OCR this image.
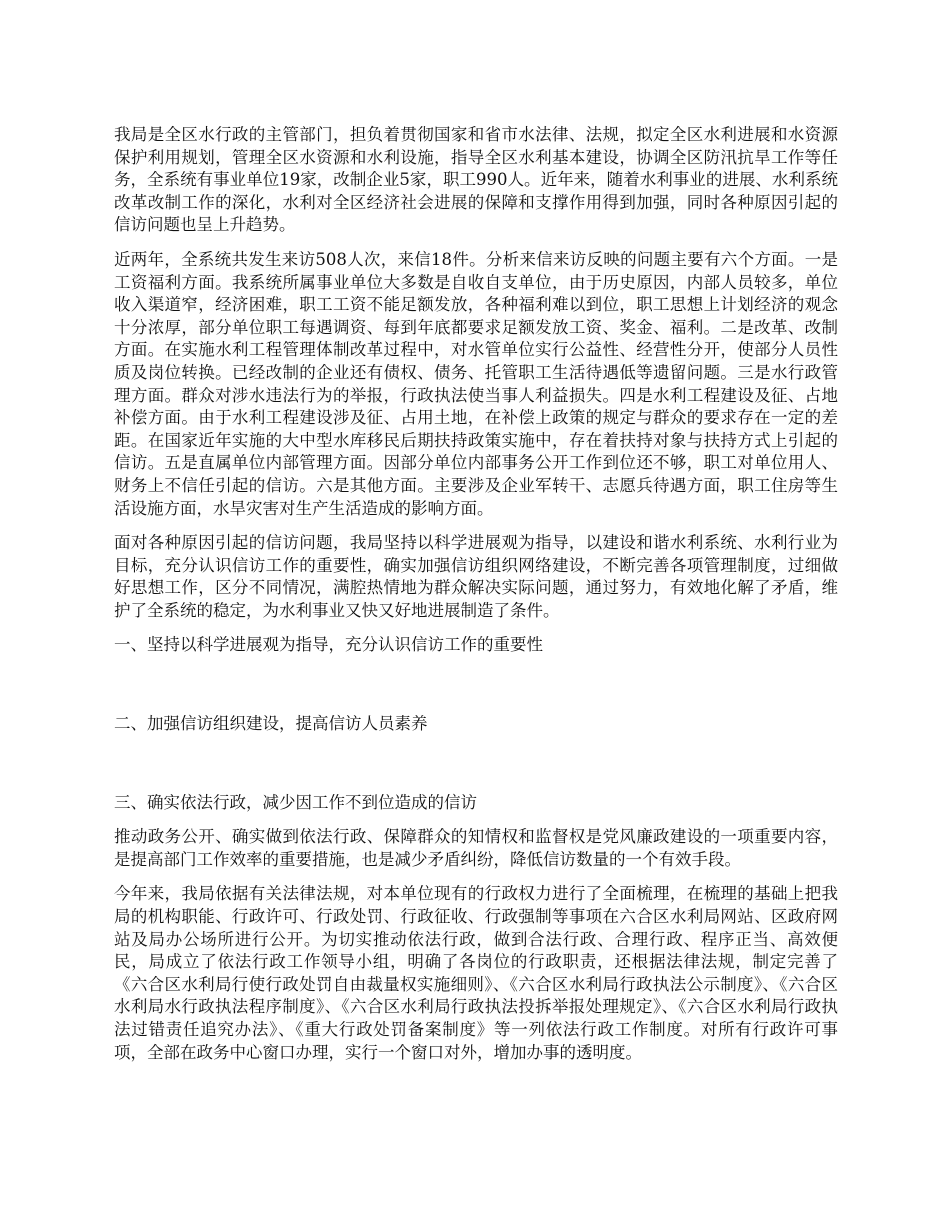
我局是全区水行政的主管部门，担负着贯彻国家和省市水法律、法规，拟定全区水利进展和水资源保护利用规划，管理全区水资源和水利设施，指导全区水利基本建设，协调全区防汛抗旱工作等任务，全系统有事业单位19家，改制企业5家，职工990人。近年来，随着水利事业的进展、水利系统改革改制工作的深化，水利对全区经济社会进展的保障和支撑作用得到加强，同时各种原因引起的信访问题也呈上升趋势。

近两年，全系统共发生来访508人次，来信18件。分析来信来访反映的问题主要有六个方面。一是工资福利方面。我系统所属事业单位大多数是自收自支单位，由于历史原因，内部人员较多，单位收入渠道窄，经济困难，职工工资不能足额发放，各种福利难以到位，职工思想上计划经济的观念十分浓厚，部分单位职工每遇调资、每到年底都要求足额发放工资、奖金、福利。二是改革、改制方面。在实施水利工程管理体制改革过程中，对水管单位实行公益性、经营性分开，使部分人员性质及岗位转换。已经改制的企业还有债权、债务、托管职工生活待遇低等遗留问题。三是水行政管理方面。群众对涉水违法行为的举报，行政执法使当事人利益损失。四是水利工程建设及征、占地补偿方面。由于水利工程建设涉及征、占用土地，在补偿上政策的规定与群众的要求存在一定的差距。在国家近年实施的大中型水库移民后期扶持政策实施中，存在着扶持对象与扶持方式上引起的信访。五是直属单位内部管理方面。因部分单位内部事务公开工作到位还不够，职工对单位用人、财务上不信任引起的信访。六是其他方面。主要涉及企业军转干、志愿兵待遇方面，职工住房等生活设施方面，水旱灾害对生产生活造成的影响方面。

面对各种原因引起的信访问题，我局坚持以科学进展观为指导，以建设和谐水利系统、水利行业为目标，充分认识信访工作的重要性，确实加强信访组织网络建设，不断完善各项管理制度，过细做好思想工作，区分不同情况，满腔热情地为群众解决实际问题，通过努力，有效地化解了矛盾，维护了全系统的稳定，为水利事业又快又好地进展制造了条件。

一、坚持以科学进展观为指导，充分认识信访工作的重要性

二、加强信访组织建设，提高信访人员素养

三、确实依法行政，减少因工作不到位造成的信访

推动政务公开、确实做到依法行政、保障群众的知情权和监督权是党风廉政建设的一项重要内容，是提高部门工作效率的重要措施，也是减少矛盾纠纷，降低信访数量的一个有效手段。

今年来，我局依据有关法律法规，对本单位现有的行政权力进行了全面梳理，在梳理的基础上把我局的机构职能、行政许可、行政处罚、行政征收、行政强制等事项在六合区水利局网站、区政府网站及局办公场所进行公开。为切实推动依法行政，做到合法行政、合理行政、程序正当、高效便民，局成立了依法行政工作领导小组，明确了各岗位的行政职责，还根据法律法规，制定完善了《六合区水利局行使行政处罚自由裁量权实施细则》、《六合区水利局行政执法公示制度》、《六合区水利局水行政执法程序制度》、《六合区水利局行政执法投拆举报处理规定》、《六合区水利局行政执法过错责任追究办法》、《重大行政处罚备案制度》等一列依法行政工作制度。对所有行政许可事项，全部在政务中心窗口办理，实行一个窗口对外，增加办事的透明度。
